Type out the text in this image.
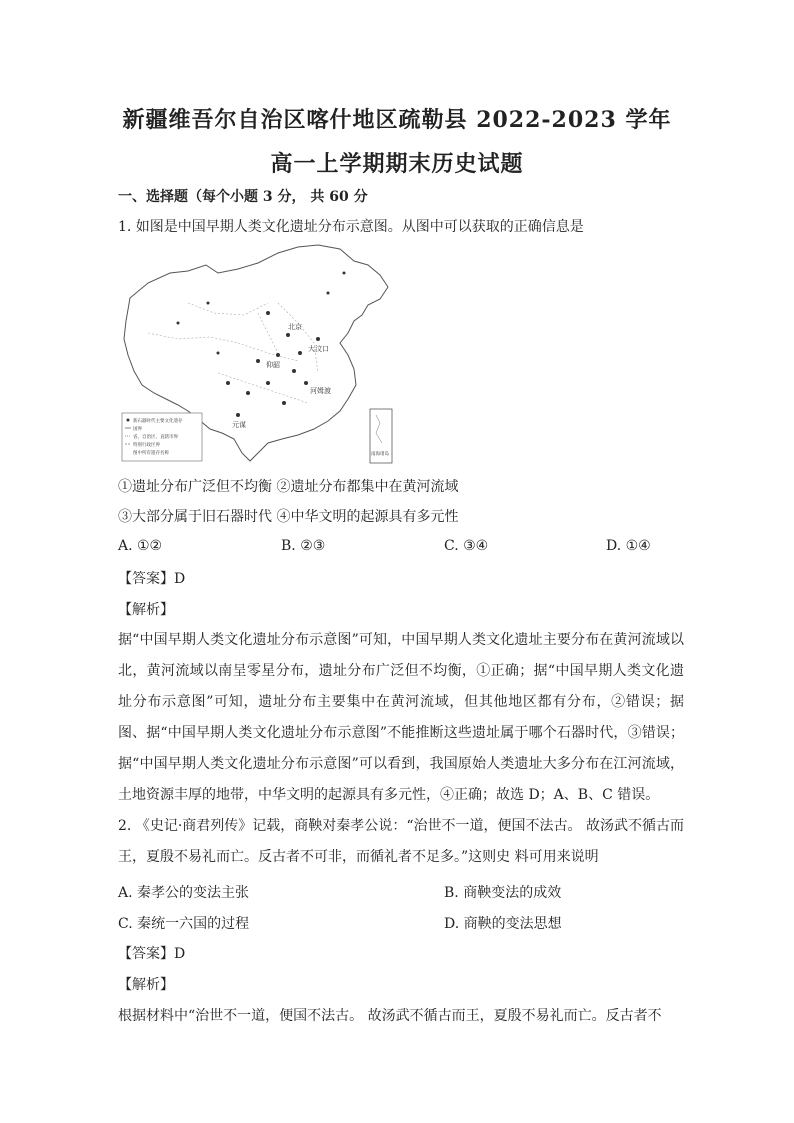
新疆维吾尔自治区喀什地区疏勒县 2022-2023 学年
高一上学期期末历史试题
一、选择题（每个小题 3 分， 共 60 分
1. 如图是中国早期人类文化遗址分布示意图。从图中可以获取的正确信息是
北京
元谋
大汶口
河姆渡
仰韶
新石器时代主要文化遗存
国界
省、自治区、直辖市界
特别行政区界
图中所有遗存名称	南海诸岛
①遗址分布广泛但不均衡 ②遗址分布都集中在黄河流域
③大部分属于旧石器时代 ④中华文明的起源具有多元性
A. ①②	B. ②③	C. ③④	D. ①④
【答案】D
【解析】
据“中国早期人类文化遗址分布示意图”可知，中国早期人类文化遗址主要分布在黄河流域以北，黄河流域以南呈零星分布，遗址分布广泛但不均衡，①正确；据“中国早期人类文化遗址分布示意图”可知，遗址分布主要集中在黄河流域，但其他地区都有分布，②错误；据图、据“中国早期人类文化遗址分布示意图”不能推断这些遗址属于哪个石器时代，③错误；据“中国早期人类文化遗址分布示意图”可以看到，我国原始人类遗址大多分布在江河流域，土地资源丰厚的地带，中华文明的起源具有多元性，④正确；故选 D；A、B、C 错误。
2. 《史记·商君列传》记载，商鞅对秦孝公说：“治世不一道，便国不法古。 故汤武不循古而王，夏殷不易礼而亡。反古者不可非，而循礼者不足多。”这则史 料可用来说明
A. 秦孝公的变法主张	B. 商鞅变法的成效
C. 秦统一六国的过程	D. 商鞅的变法思想
【答案】D
【解析】
根据材料中“治世不一道，便国不法古。 故汤武不循古而王，夏殷不易礼而亡。反古者不
